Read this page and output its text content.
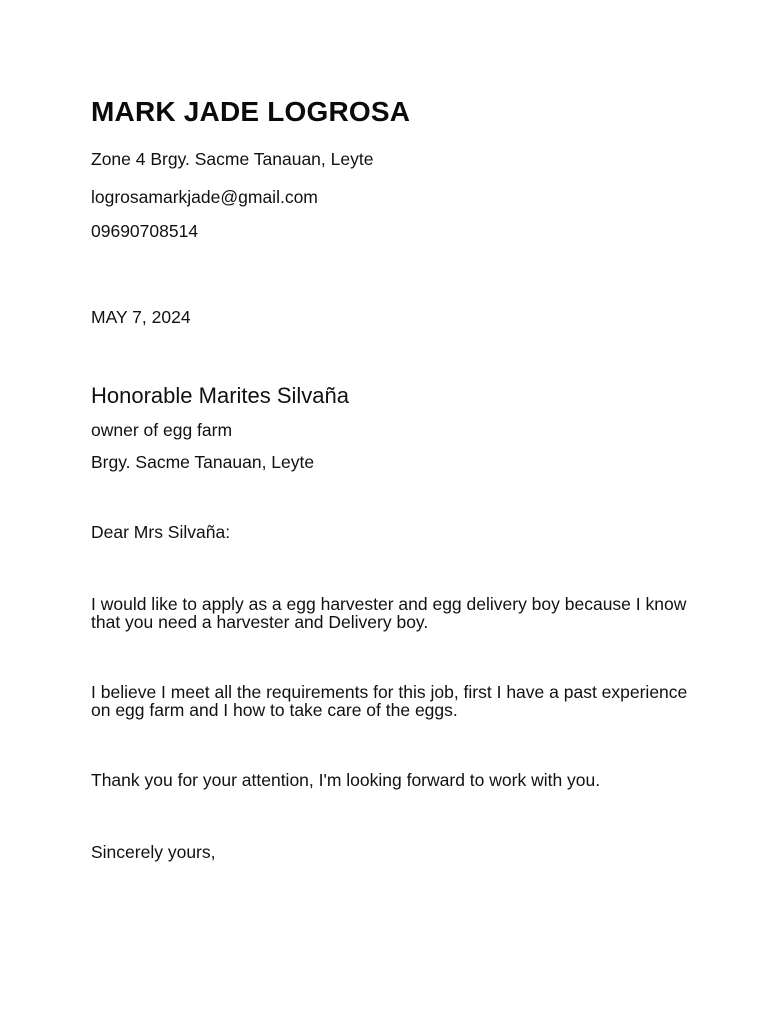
MARK JADE LOGROSA

Zone 4 Brgy. Sacme Tanauan, Leyte

logrosamarkjade@gmail.com

09690708514

MAY 7, 2024

Honorable Marites Silvaña

owner of egg farm

Brgy. Sacme Tanauan, Leyte

Dear Mrs Silvaña:

I would like to apply as a egg harvester and egg delivery boy because I know that you need a harvester and Delivery boy.

I believe I meet all the requirements for this job, first I have a past experience on egg farm and I how to take care of the eggs.

Thank you for your attention, I'm looking forward to work with you.

Sincerely yours,
